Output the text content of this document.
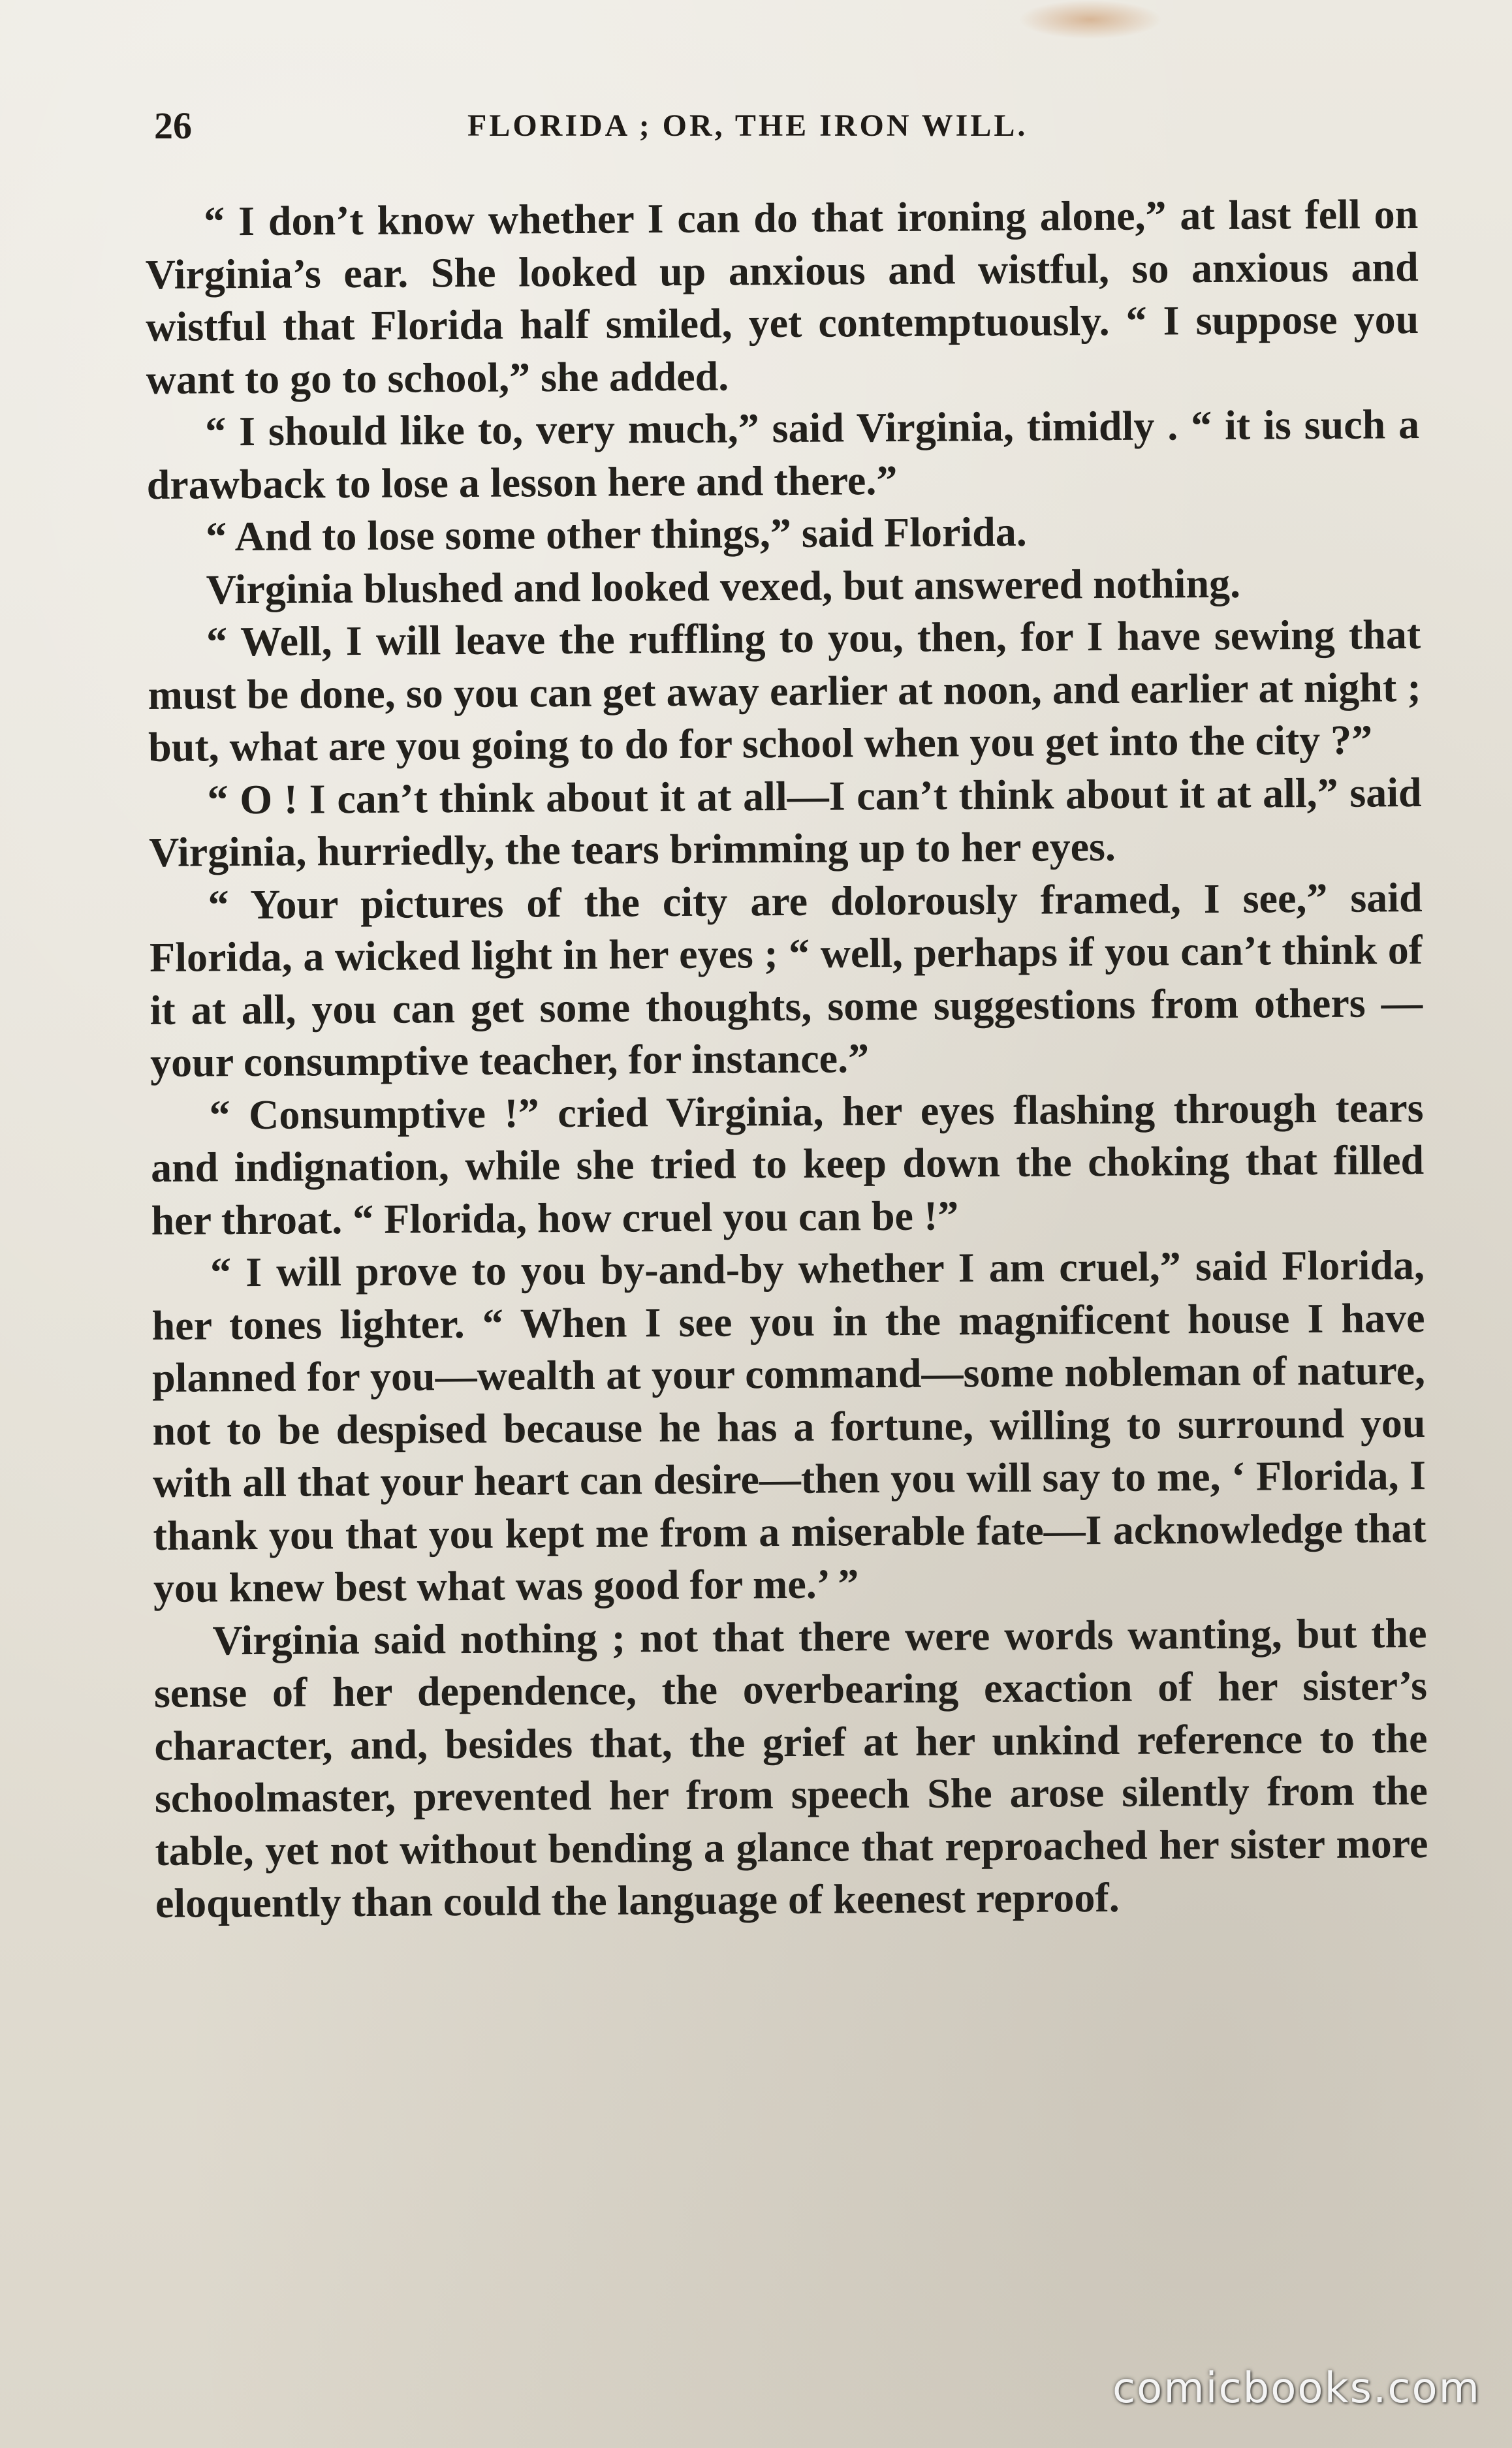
26	FLORIDA ; OR, THE IRON WILL.

“ I don’t know whether I can do that ironing alone,” at last fell on Virginia’s ear. She looked up anxious and wistful, so anxious and wistful that Florida half smiled, yet contemptuously. “ I suppose you want to go to school,” she added.

“ I should like to, very much,” said Virginia, timidly . “ it is such a drawback to lose a lesson here and there.”

“ And to lose some other things,” said Florida.

Virginia blushed and looked vexed, but answered nothing.

“ Well, I will leave the ruffling to you, then, for I have sewing that must be done, so you can get away earlier at noon, and earlier at night ; but, what are you going to do for school when you get into the city ?”

“ O ! I can’t think about it at all—I can’t think about it at all,” said Virginia, hurriedly, the tears brimming up to her eyes.

“ Your pictures of the city are dolorously framed, I see,” said Florida, a wicked light in her eyes ; “ well, perhaps if you can’t think of it at all, you can get some thoughts, some suggestions from others — your consumptive teacher, for instance.”

“ Consumptive !” cried Virginia, her eyes flashing through tears and indignation, while she tried to keep down the choking that filled her throat. “ Florida, how cruel you can be !”

“ I will prove to you by-and-by whether I am cruel,” said Florida, her tones lighter. “ When I see you in the magnificent house I have planned for you—wealth at your command—some nobleman of nature, not to be despised because he has a fortune, willing to surround you with all that your heart can desire—then you will say to me, ‘ Florida, I thank you that you kept me from a miserable fate—I acknowledge that you knew best what was good for me.’ ”

Virginia said nothing ; not that there were words wanting, but the sense of her dependence, the overbearing exaction of her sister’s character, and, besides that, the grief at her unkind reference to the schoolmaster, prevented her from speech She arose silently from the table, yet not without bending a glance that reproached her sister more eloquently than could the language of keenest reproof.

comicbooks.com
